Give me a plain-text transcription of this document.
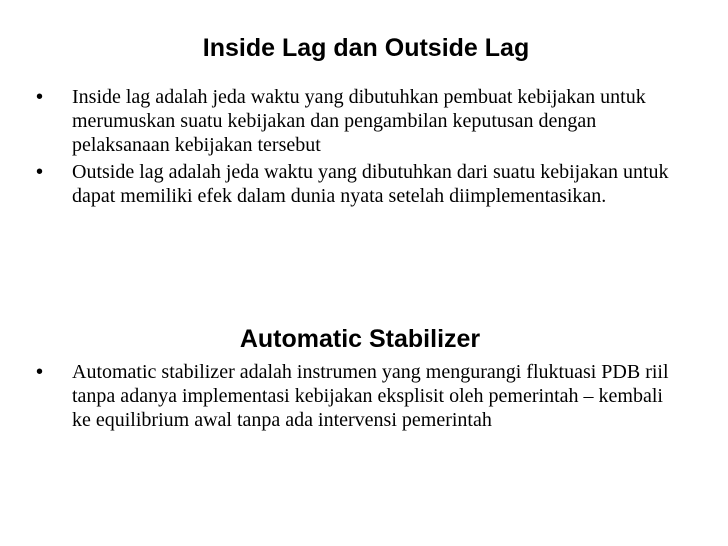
Inside Lag dan Outside Lag
•	Inside lag adalah jeda waktu yang dibutuhkan pembuat kebijakan untuk merumuskan suatu kebijakan dan pengambilan keputusan dengan pelaksanaan kebijakan tersebut
•	Outside lag adalah jeda waktu yang dibutuhkan dari suatu kebijakan untuk dapat memiliki efek dalam dunia nyata setelah diimplementasikan.
Automatic Stabilizer
•	Automatic stabilizer adalah instrumen yang mengurangi fluktuasi PDB riil tanpa adanya implementasi kebijakan eksplisit oleh pemerintah – kembali ke equilibrium awal tanpa ada intervensi pemerintah
